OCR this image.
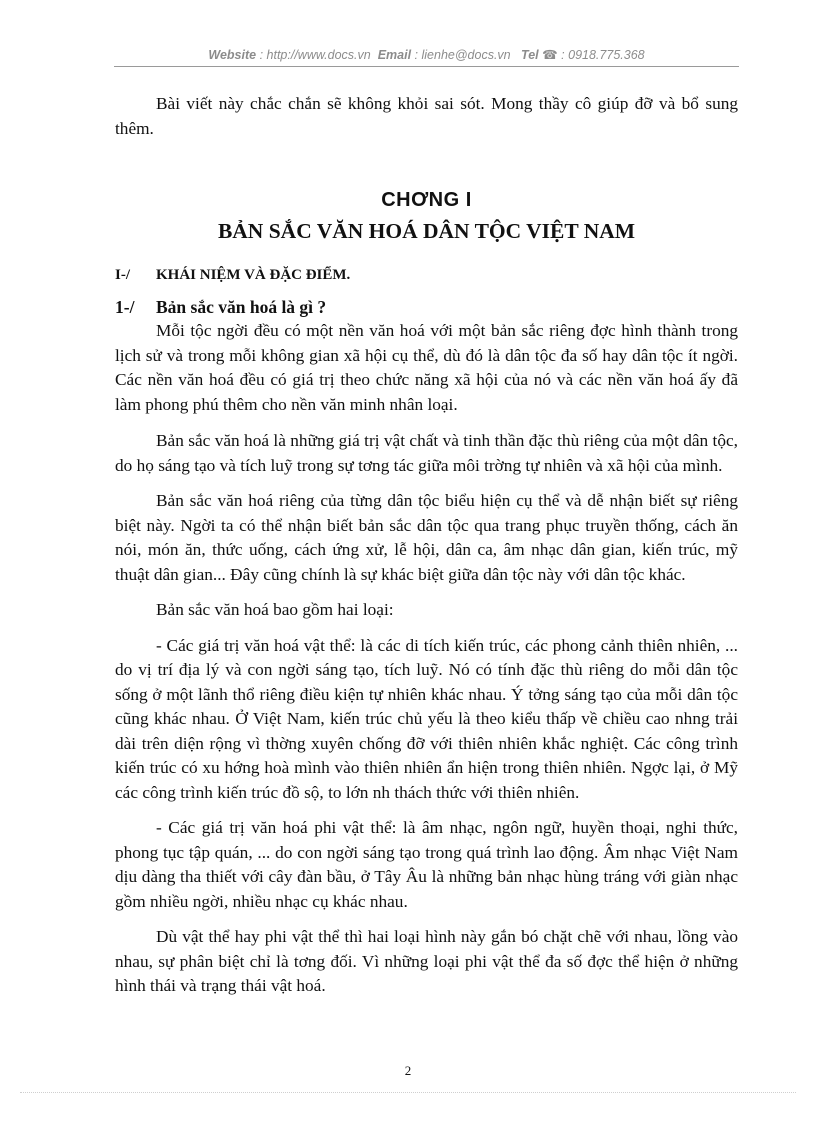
Website : http://www.docs.vn Email : lienhe@docs.vn Tel ☎ : 0918.775.368

Bài viết này chắc chắn sẽ không khỏi sai sót. Mong thầy cô giúp đỡ và bổ sung thêm.

CHƠNG I
BẢN SẮC VĂN HOÁ DÂN TỘC VIỆT NAM
I-/ KHÁI NIỆM VÀ ĐẶC ĐIỂM.
1-/ Bản sắc văn hoá là gì ?

Mỗi tộc ngời đều có một nền văn hoá với một bản sắc riêng đợc hình thành trong lịch sử và trong mỗi không gian xã hội cụ thể, dù đó là dân tộc đa số hay dân tộc ít ngời. Các nền văn hoá đều có giá trị theo chức năng xã hội của nó và các nền văn hoá ấy đã làm phong phú thêm cho nền văn minh nhân loại.

Bản sắc văn hoá là những giá trị vật chất và tinh thần đặc thù riêng của một dân tộc, do họ sáng tạo và tích luỹ trong sự tơng tác giữa môi trờng tự nhiên và xã hội của mình.

Bản sắc văn hoá riêng của từng dân tộc biểu hiện cụ thể và dễ nhận biết sự riêng biệt này. Ngời ta có thể nhận biết bản sắc dân tộc qua trang phục truyền thống, cách ăn nói, món ăn, thức uống, cách ứng xử, lễ hội, dân ca, âm nhạc dân gian, kiến trúc, mỹ thuật dân gian... Đây cũng chính là sự khác biệt giữa dân tộc này với dân tộc khác.

Bản sắc văn hoá bao gồm hai loại:

- Các giá trị văn hoá vật thể: là các di tích kiến trúc, các phong cảnh thiên nhiên, ... do vị trí địa lý và con ngời sáng tạo, tích luỹ. Nó có tính đặc thù riêng do mỗi dân tộc sống ở một lãnh thổ riêng điều kiện tự nhiên khác nhau. Ý tởng sáng tạo của mỗi dân tộc cũng khác nhau. Ở Việt Nam, kiến trúc chủ yếu là theo kiểu thấp về chiều cao nhng trải dài trên diện rộng vì thờng xuyên chống đỡ với thiên nhiên khắc nghiệt. Các công trình kiến trúc có xu hớng hoà mình vào thiên nhiên ẩn hiện trong thiên nhiên. Ngợc lại, ở Mỹ các công trình kiến trúc đồ sộ, to lớn nh thách thức với thiên nhiên.

- Các giá trị văn hoá phi vật thể: là âm nhạc, ngôn ngữ, huyền thoại, nghi thức, phong tục tập quán, ... do con ngời sáng tạo trong quá trình lao động. Âm nhạc Việt Nam dịu dàng tha thiết với cây đàn bầu, ở Tây Âu là những bản nhạc hùng tráng với giàn nhạc gồm nhiều ngời, nhiều nhạc cụ khác nhau.

Dù vật thể hay phi vật thể thì hai loại hình này gắn bó chặt chẽ với nhau, lồng vào nhau, sự phân biệt chỉ là tơng đối. Vì những loại phi vật thể đa số đợc thể hiện ở những hình thái và trạng thái vật hoá.

2
